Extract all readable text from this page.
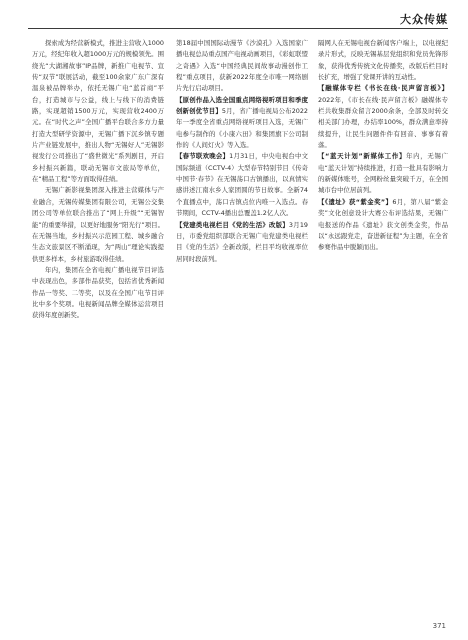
大众传媒

探索成为经营新模式，推进主营收入1000万元，经纪年收入超1000万元的规模领先。围绕光“大湖湘故事”IP品牌，新推广电视节、宣传“双节”联展活动，截至100余家广东广深有温泉被品牌举办，依托无锡广电“蓝首商”平台，打造城市与公益，线上与线下的消费链路，实现超销1500万元，实现营收2400万元。在“时代之声”全国广播平台联合多方力量打造大型研学资源中，无锡广播下沉乡镇专题片产业链发展中，推出人物“无锡好人”无锡影视发行公司推出了“盛世微光”系列剧目，开启乡村振兴新篇，联动无锡市文旅局等单位，在“精品工程”等方面取得佳绩。

无锡广新影视集团深入推进主营媒体与产业融合，无锡传媒集团有限公司，无锡公交集团公司等单位联合推出了“网上升级”“无锡智能”的重要举措，以更好地服务“阳光行”项目。在无锡当地，乡村振兴示范园工程、城乡融合生态文旅景区不断涌现，为“两山”理论实践提供更多样本，乡村旅游取得佳绩。

年内，集团在全省电视广播电视节目评选中表现出色，多部作品获奖，包括省优秀新闻作品一等奖、二等奖，以及在全国广电节目评比中多个奖项。电视新闻品牌全媒体运营项目获得年度创新奖。

第18届中国国际动漫节《沙漠孔》入选国家广播电视总局重点国产电视动画项目，《彩虹联盟之奇遇》入选“中国经典民间故事动漫创作工程”重点项目，获新2022年度全市唯一网络剧片先行启动项目。

【原创作品入选全国重点网络视听项目和季度创新创优节目】5月，省广播电视局公布2022年一季度全省重点网络视听项目入选，无锡广电参与制作的《小康六田》和集团旗下公司制作的《人间灯火》等入选。

【春节联欢晚会】1月31日，中央电视台中文国际频道（CCTV-4）大型春节特别节目《传奇中国节·春节》在无锡荡口古镇播出，以真情实感讲述江南水乡人家团圆的节日故事。全新74个直播点中，荡口古镇点位内唯一入选点。春节期间，CCTV-4播出总覆盖1.2亿人次。

【党建类电视栏目《党的生活》改版】3月19日，市委党组织部联合无锡广电党建类电视栏目《党的生活》全新改版，栏目平均收视率位居同时段前列。

隔网人在无锡电视台新闻客户端上，以电视纪录片形式，反映无锡基层党组织和党员先锋形象，获得优秀传统文化传播奖，改版后栏目时长扩充，增强了党课开讲的互动性。

【融媒体专栏《书长在线·民声留言板》】2022年，《市长在线·民声留言板》融媒体专栏共收集群众留言2000余条，全部及时转交相关部门办理，办结率100%，群众满意率持续提升，让民生问题件件有回音、事事有着落。

【“蓝天计划”新媒体工作】年内，无锡广电“蓝天计划”持续推进，打造一批具有影响力的新媒体账号，全网粉丝量突破千万，在全国城市台中位居前列。

【《遗址》获“紫金奖”】6月，第八届“紫金奖”文化创意设计大赛公布评选结果，无锡广电报送的作品《遗址》获文创类金奖，作品以“永远跟党走，奋进新征程”为主题，在全省参赛作品中脱颖而出。

371
